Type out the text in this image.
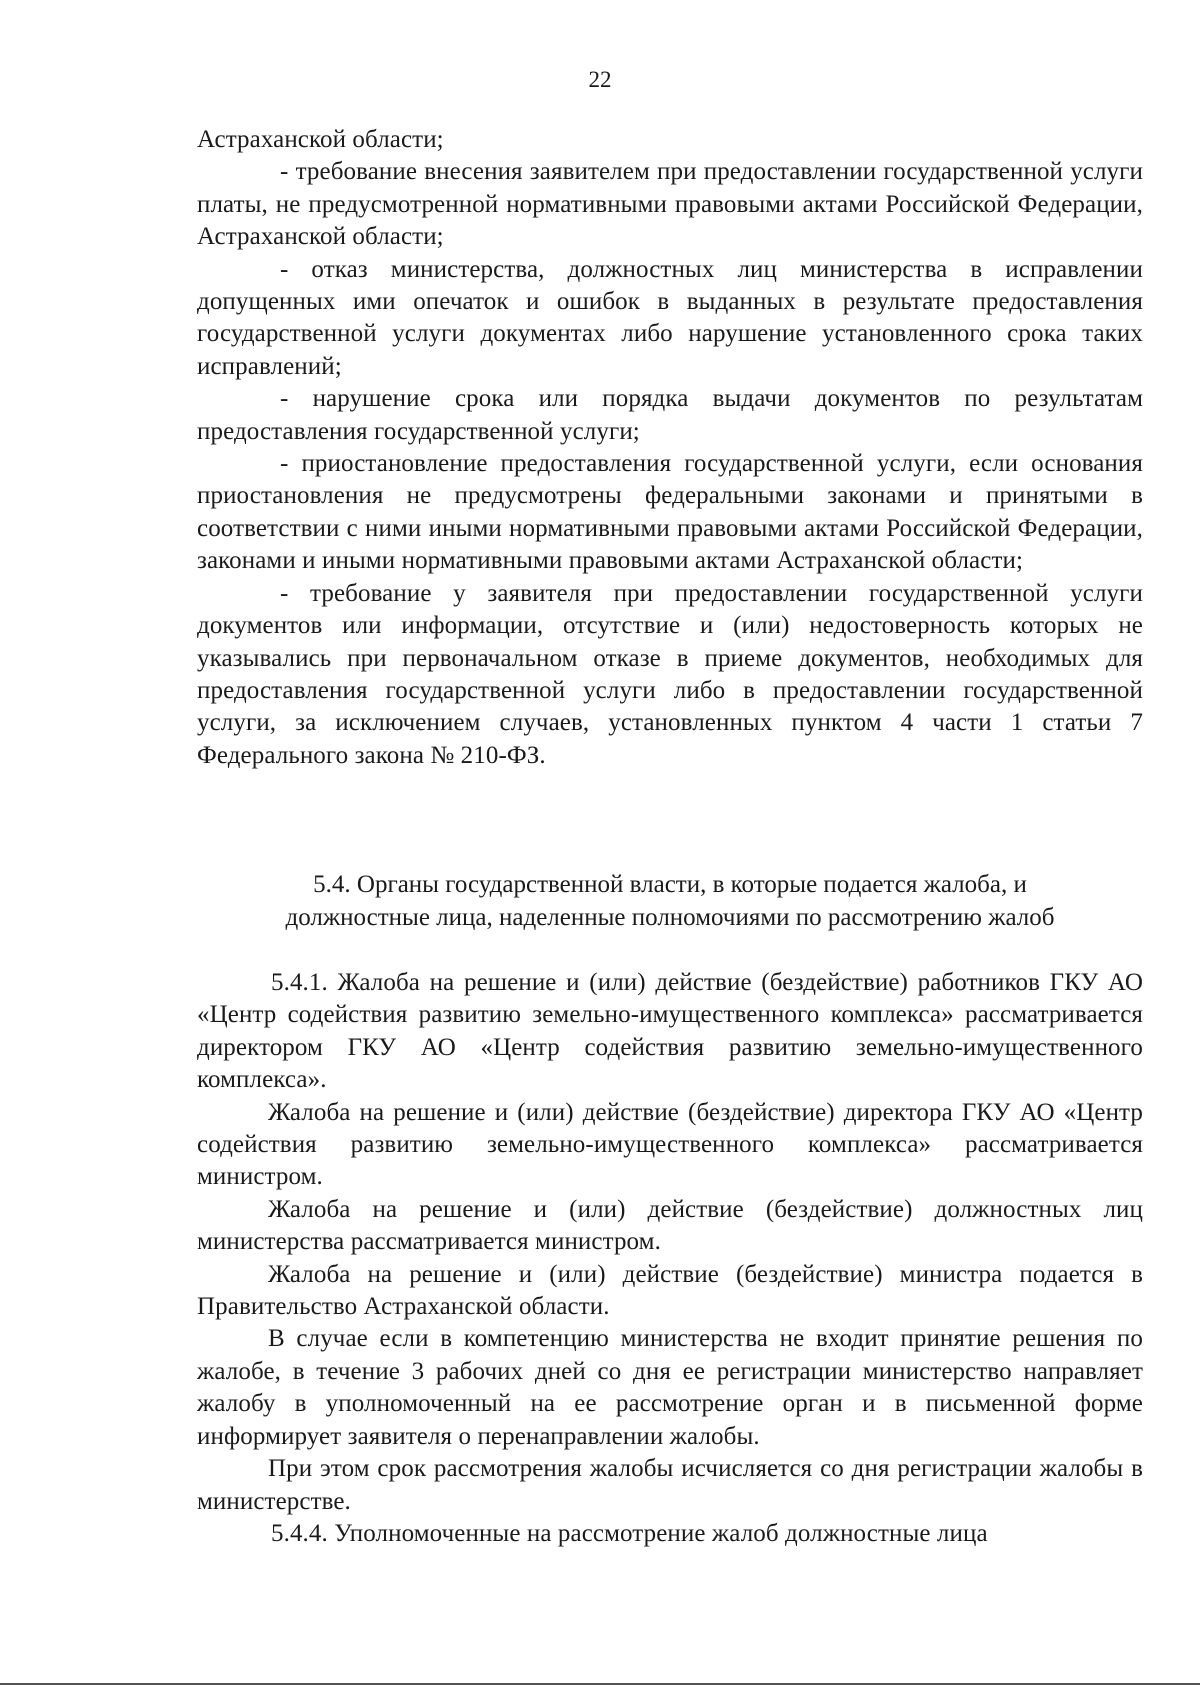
22

Астраханской области;

- требование внесения заявителем при предоставлении государственной услуги платы, не предусмотренной нормативными правовыми актами Российской Федерации, Астраханской области;

- отказ министерства, должностных лиц министерства в исправлении допущенных ими опечаток и ошибок в выданных в результате предоставления государственной услуги документах либо нарушение установленного срока таких исправлений;

- нарушение срока или порядка выдачи документов по результатам предоставления государственной услуги;

- приостановление предоставления государственной услуги, если основания приостановления не предусмотрены федеральными законами и принятыми в соответствии с ними иными нормативными правовыми актами Российской Федерации, законами и иными нормативными правовыми актами Астраханской области;

- требование у заявителя при предоставлении государственной услуги документов или информации, отсутствие и (или) недостоверность которых не указывались при первоначальном отказе в приеме документов, необходимых для предоставления государственной услуги либо в предоставлении государственной услуги, за исключением случаев, установленных пунктом 4 части 1 статьи 7 Федерального закона № 210-ФЗ.

5.4. Органы государственной власти, в которые подается жалоба, и

должностные лица, наделенные полномочиями по рассмотрению жалоб

5.4.1. Жалоба на решение и (или) действие (бездействие) работников ГКУ АО «Центр содействия развитию земельно-имущественного комплекса» рассматривается директором ГКУ АО «Центр содействия развитию земельно-имущественного комплекса».

Жалоба на решение и (или) действие (бездействие) директора ГКУ АО «Центр содействия развитию земельно-имущественного комплекса» рассматривается министром.

Жалоба на решение и (или) действие (бездействие) должностных лиц министерства рассматривается министром.

Жалоба на решение и (или) действие (бездействие) министра подается в Правительство Астраханской области.

В случае если в компетенцию министерства не входит принятие решения по жалобе, в течение 3 рабочих дней со дня ее регистрации министерство направляет жалобу в уполномоченный на ее рассмотрение орган и в письменной форме информирует заявителя о перенаправлении жалобы.

При этом срок рассмотрения жалобы исчисляется со дня регистрации жалобы в министерстве.

5.4.4. Уполномоченные на рассмотрение жалоб должностные лица
